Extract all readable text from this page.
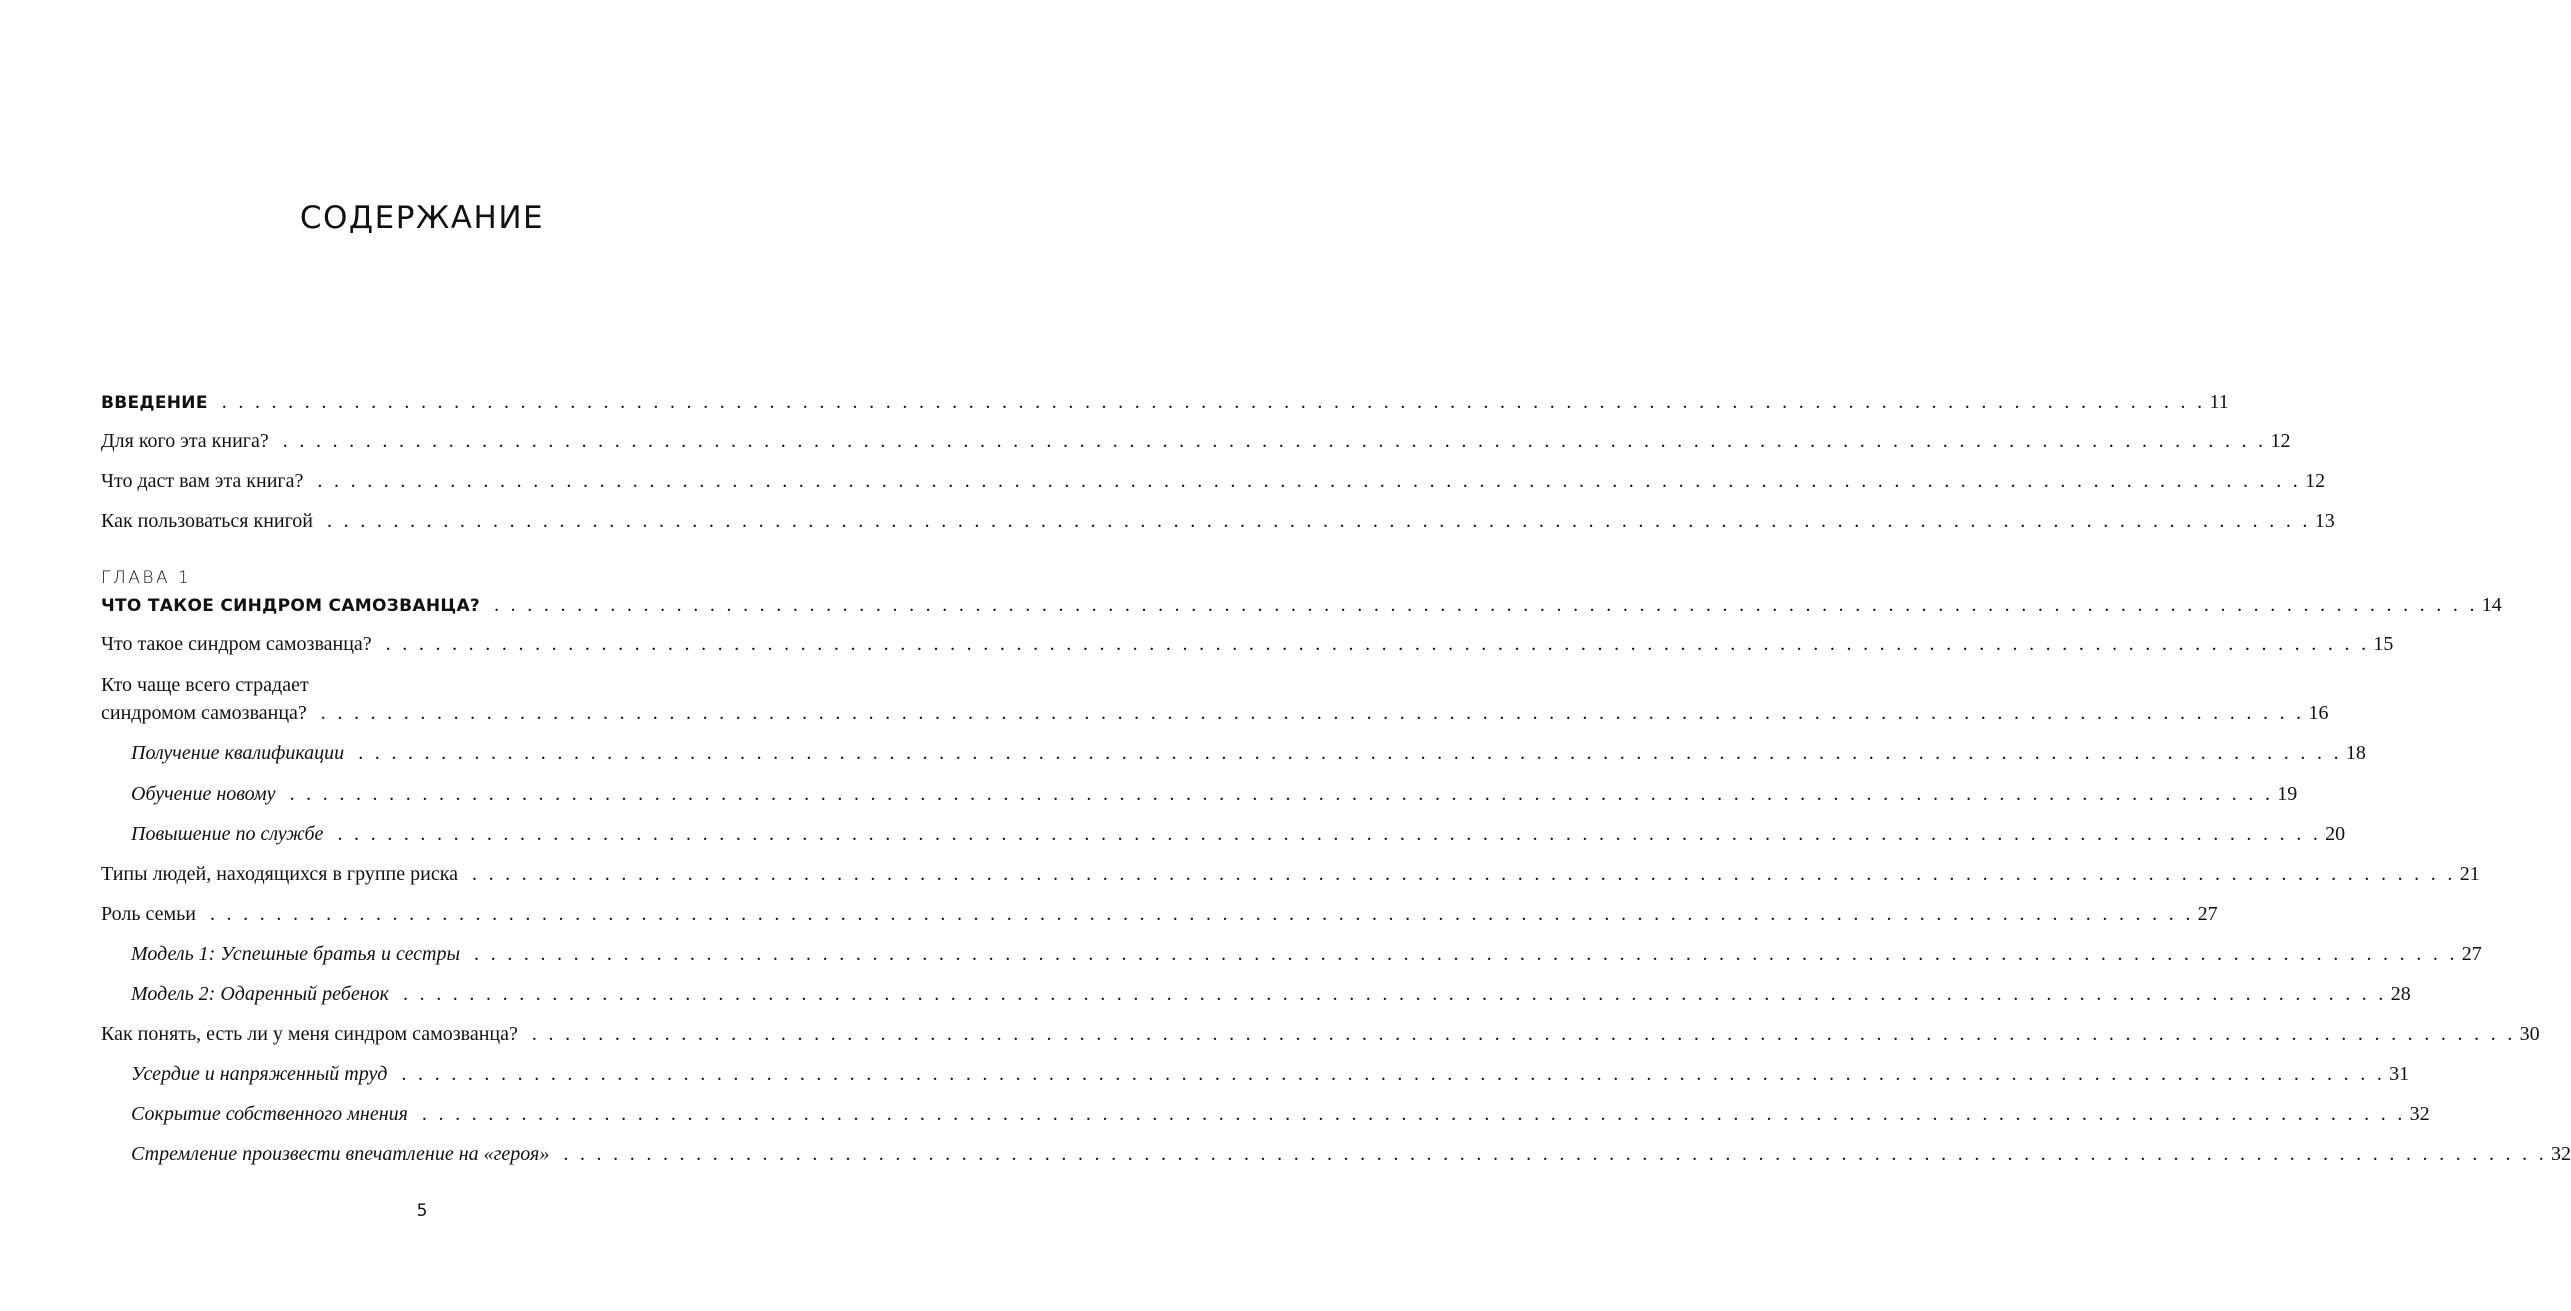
СОДЕРЖАНИЕ
ГЛАВА 1
ВВЕДЕНИЕ . . . . . . . . . . . . . . . . . . . . . . . . . . . . . . . . . . . . . . . . . . . . . . . . . . . . . . . . . . . . . . . . . . . . . . . . . . . . . . . . . . . . . . . . . . . . . . . . . . . . . . . . . . . . . . . . . . . . . . . . 11
Для кого эта книга? . . . . . . . . . . . . . . . . . . . . . . . . . . . . . . . . . . . . . . . . . . . . . . . . . . . . . . . . . . . . . . . . . . . . . . . . . . . . . . . . . . . . . . . . . . . . . . . . . . . . . . . . . . . . . . . . . . . . . . . . 12
Что даст вам эта книга? . . . . . . . . . . . . . . . . . . . . . . . . . . . . . . . . . . . . . . . . . . . . . . . . . . . . . . . . . . . . . . . . . . . . . . . . . . . . . . . . . . . . . . . . . . . . . . . . . . . . . . . . . . . . . . . . . . . . . . . . 12
Как пользоваться книгой . . . . . . . . . . . . . . . . . . . . . . . . . . . . . . . . . . . . . . . . . . . . . . . . . . . . . . . . . . . . . . . . . . . . . . . . . . . . . . . . . . . . . . . . . . . . . . . . . . . . . . . . . . . . . . . . . . . . . . . . 13
ЧТО ТАКОЕ СИНДРОМ САМОЗВАНЦА? . . . . . . . . . . . . . . . . . . . . . . . . . . . . . . . . . . . . . . . . . . . . . . . . . . . . . . . . . . . . . . . . . . . . . . . . . . . . . . . . . . . . . . . . . . . . . . . . . . . . . . . . . . . . . . . . . . . . . . . . 14
Что такое синдром самозванца? . . . . . . . . . . . . . . . . . . . . . . . . . . . . . . . . . . . . . . . . . . . . . . . . . . . . . . . . . . . . . . . . . . . . . . . . . . . . . . . . . . . . . . . . . . . . . . . . . . . . . . . . . . . . . . . . . . . . . . . . 15
Кто чаще всего страдает
синдромом самозванца? . . . . . . . . . . . . . . . . . . . . . . . . . . . . . . . . . . . . . . . . . . . . . . . . . . . . . . . . . . . . . . . . . . . . . . . . . . . . . . . . . . . . . . . . . . . . . . . . . . . . . . . . . . . . . . . . . . . . . . . . 16
Получение квалификации . . . . . . . . . . . . . . . . . . . . . . . . . . . . . . . . . . . . . . . . . . . . . . . . . . . . . . . . . . . . . . . . . . . . . . . . . . . . . . . . . . . . . . . . . . . . . . . . . . . . . . . . . . . . . . . . . . . . . . . . 18
Обучение новому . . . . . . . . . . . . . . . . . . . . . . . . . . . . . . . . . . . . . . . . . . . . . . . . . . . . . . . . . . . . . . . . . . . . . . . . . . . . . . . . . . . . . . . . . . . . . . . . . . . . . . . . . . . . . . . . . . . . . . . . 19
Повышение по службе . . . . . . . . . . . . . . . . . . . . . . . . . . . . . . . . . . . . . . . . . . . . . . . . . . . . . . . . . . . . . . . . . . . . . . . . . . . . . . . . . . . . . . . . . . . . . . . . . . . . . . . . . . . . . . . . . . . . . . . . 20
Типы людей, находящихся в группе риска . . . . . . . . . . . . . . . . . . . . . . . . . . . . . . . . . . . . . . . . . . . . . . . . . . . . . . . . . . . . . . . . . . . . . . . . . . . . . . . . . . . . . . . . . . . . . . . . . . . . . . . . . . . . . . . . . . . . . . . . 21
Роль семьи . . . . . . . . . . . . . . . . . . . . . . . . . . . . . . . . . . . . . . . . . . . . . . . . . . . . . . . . . . . . . . . . . . . . . . . . . . . . . . . . . . . . . . . . . . . . . . . . . . . . . . . . . . . . . . . . . . . . . . . . 27
Модель 1: Успешные братья и сестры . . . . . . . . . . . . . . . . . . . . . . . . . . . . . . . . . . . . . . . . . . . . . . . . . . . . . . . . . . . . . . . . . . . . . . . . . . . . . . . . . . . . . . . . . . . . . . . . . . . . . . . . . . . . . . . . . . . . . . . . 27
Модель 2: Одаренный ребенок . . . . . . . . . . . . . . . . . . . . . . . . . . . . . . . . . . . . . . . . . . . . . . . . . . . . . . . . . . . . . . . . . . . . . . . . . . . . . . . . . . . . . . . . . . . . . . . . . . . . . . . . . . . . . . . . . . . . . . . . 28
Как понять, есть ли у меня синдром самозванца? . . . . . . . . . . . . . . . . . . . . . . . . . . . . . . . . . . . . . . . . . . . . . . . . . . . . . . . . . . . . . . . . . . . . . . . . . . . . . . . . . . . . . . . . . . . . . . . . . . . . . . . . . . . . . . . . . . . . . . . . 30
Усердие и напряженный труд . . . . . . . . . . . . . . . . . . . . . . . . . . . . . . . . . . . . . . . . . . . . . . . . . . . . . . . . . . . . . . . . . . . . . . . . . . . . . . . . . . . . . . . . . . . . . . . . . . . . . . . . . . . . . . . . . . . . . . . . 31
Сокрытие собственного мнения . . . . . . . . . . . . . . . . . . . . . . . . . . . . . . . . . . . . . . . . . . . . . . . . . . . . . . . . . . . . . . . . . . . . . . . . . . . . . . . . . . . . . . . . . . . . . . . . . . . . . . . . . . . . . . . . . . . . . . . . 32
Стремление произвести впечатление на «героя» . . . . . . . . . . . . . . . . . . . . . . . . . . . . . . . . . . . . . . . . . . . . . . . . . . . . . . . . . . . . . . . . . . . . . . . . . . . . . . . . . . . . . . . . . . . . . . . . . . . . . . . . . . . . . . . . . . . . . . . . 32
5
